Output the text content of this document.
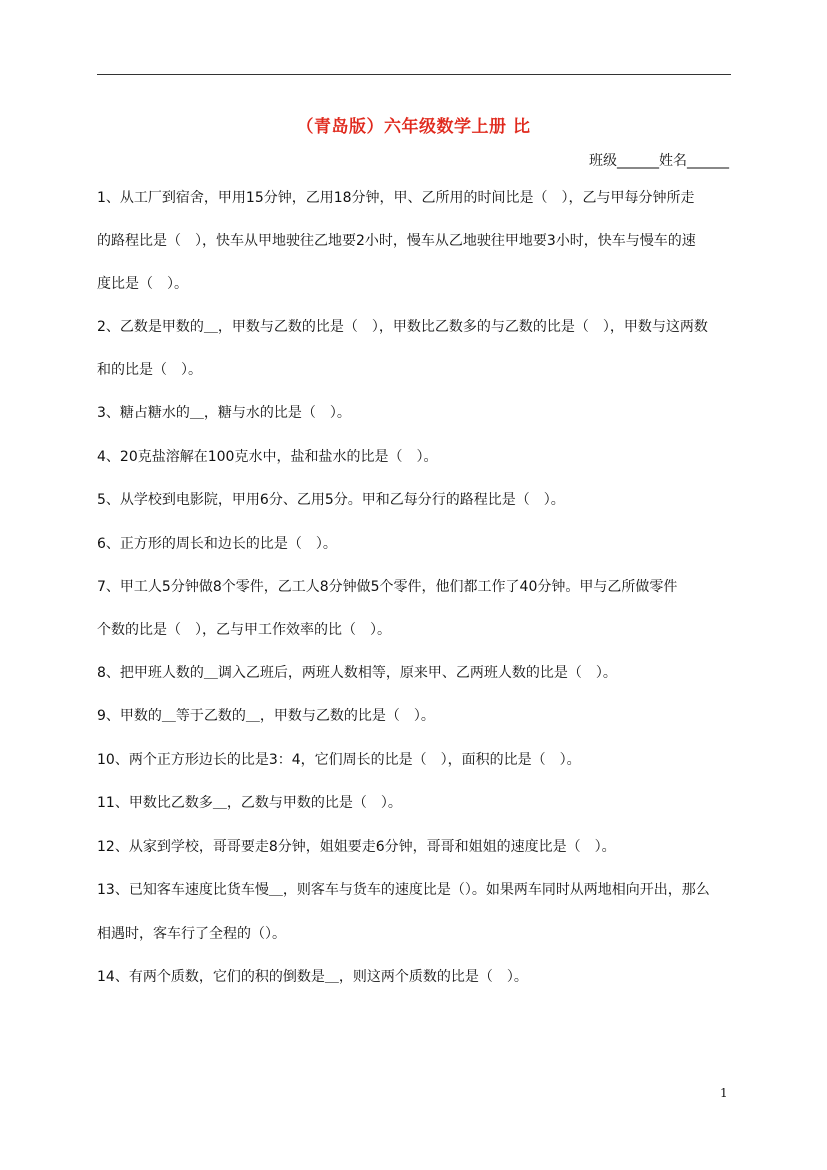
（青岛版）六年级数学上册 比
班级______姓名______
1、从工厂到宿舍，甲用15分钟，乙用18分钟，甲、乙所用的时间比是（　），乙与甲每分钟所走
的路程比是（　），快车从甲地驶往乙地要2小时，慢车从乙地驶往甲地要3小时，快车与慢车的速
度比是（　）。
2、乙数是甲数的＿，甲数与乙数的比是（　），甲数比乙数多的与乙数的比是（　），甲数与这两数
和的比是（　）。
3、糖占糖水的＿，糖与水的比是（　）。
4、20克盐溶解在100克水中，盐和盐水的比是（　）。
5、从学校到电影院，甲用6分、乙用5分。甲和乙每分行的路程比是（　）。
6、正方形的周长和边长的比是（　）。
7、甲工人5分钟做8个零件，乙工人8分钟做5个零件，他们都工作了40分钟。甲与乙所做零件
个数的比是（　），乙与甲工作效率的比（　）。
8、把甲班人数的＿调入乙班后，两班人数相等，原来甲、乙两班人数的比是（　）。
9、甲数的＿等于乙数的＿，甲数与乙数的比是（　）。
10、两个正方形边长的比是3：4，它们周长的比是（　），面积的比是（　）。
11、甲数比乙数多＿，乙数与甲数的比是（　）。
12、从家到学校，哥哥要走8分钟，姐姐要走6分钟，哥哥和姐姐的速度比是（　）。
13、已知客车速度比货车慢＿，则客车与货车的速度比是（）。如果两车同时从两地相向开出，那么
相遇时，客车行了全程的（）。
14、有两个质数，它们的积的倒数是＿，则这两个质数的比是（　）。
1
